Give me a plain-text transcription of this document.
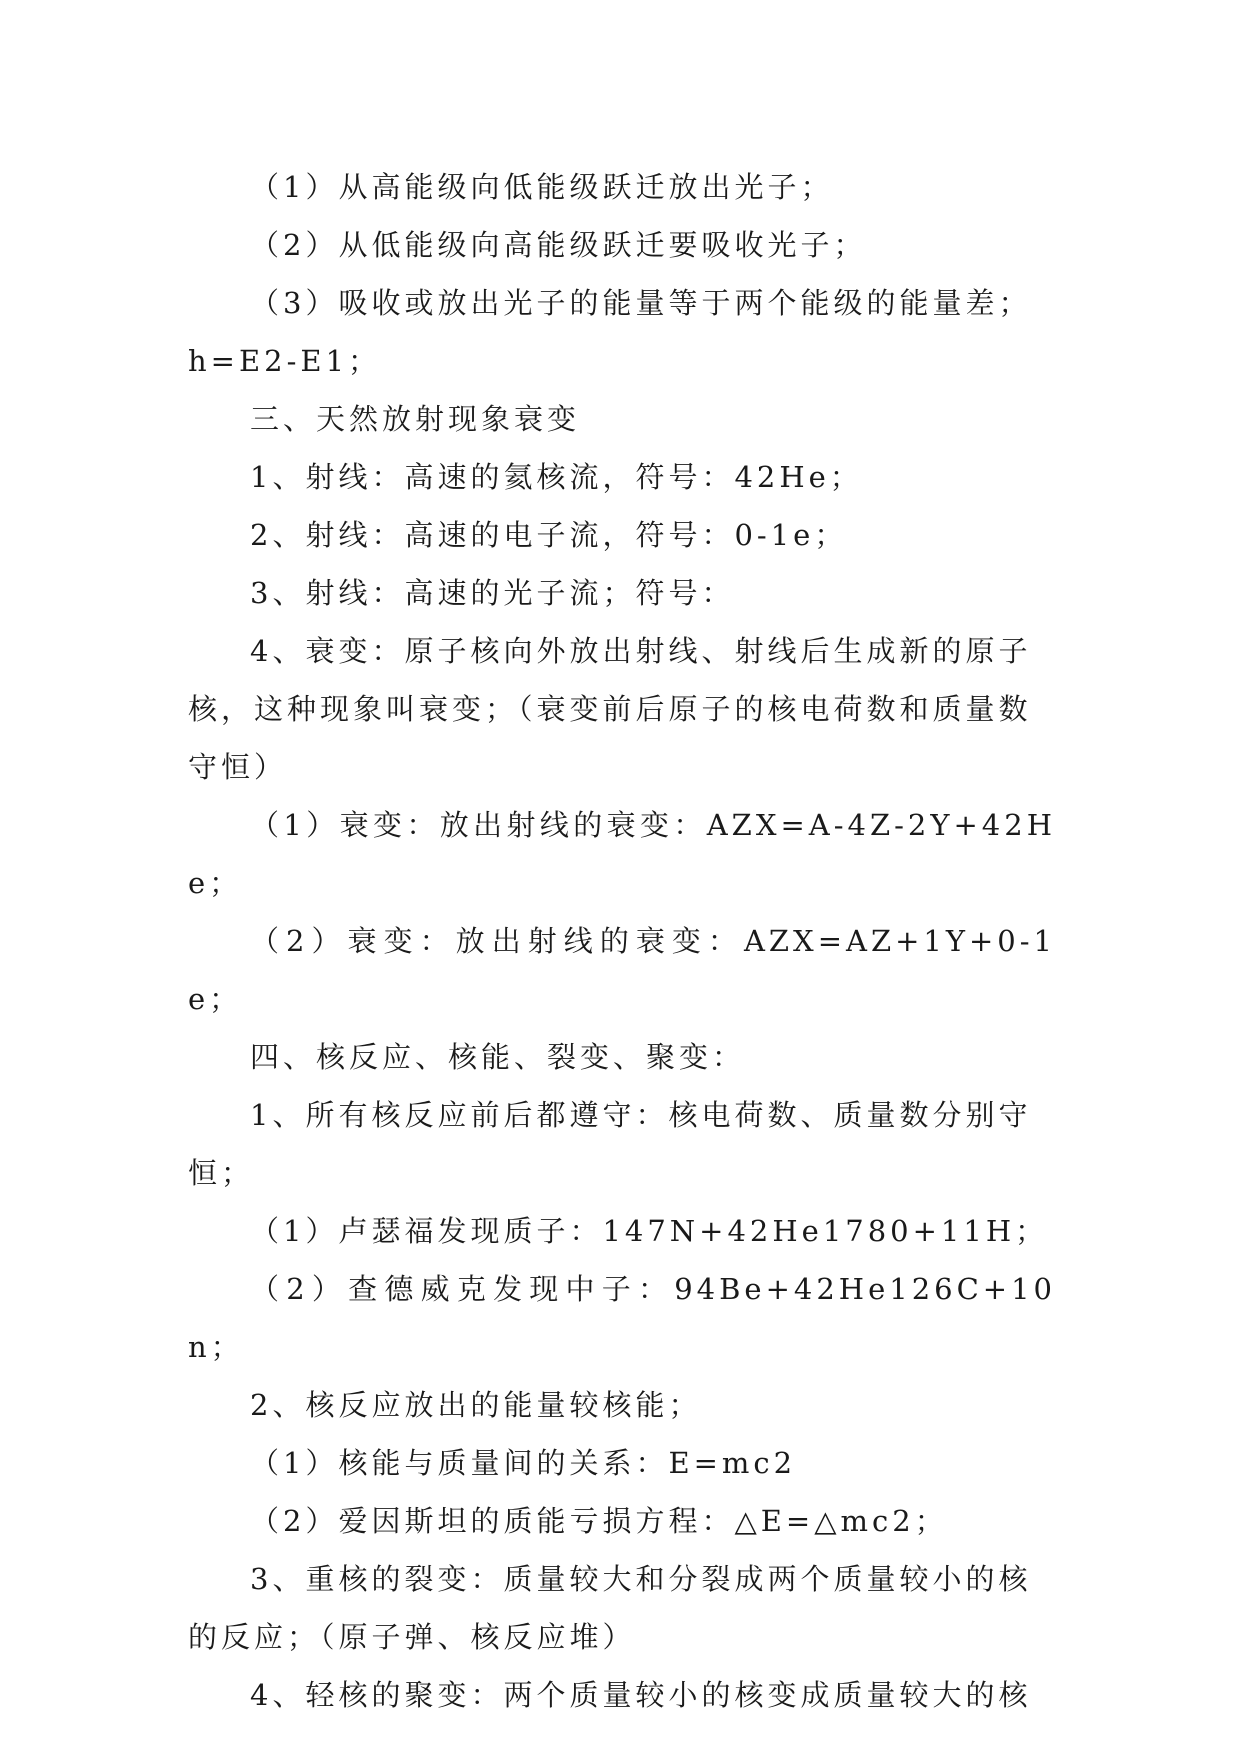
（1）从高能级向低能级跃迁放出光子；

（2）从低能级向高能级跃迁要吸收光子；

（3）吸收或放出光子的能量等于两个能级的能量差；

h=E2-E1；

三、天然放射现象衰变

1、射线：高速的氦核流，符号：42He；

2、射线：高速的电子流，符号：0-1e；

3、射线：高速的光子流；符号：

4、衰变：原子核向外放出射线、射线后生成新的原子

核，这种现象叫衰变；（衰变前后原子的核电荷数和质量数

守恒）

（1）衰变：放出射线的衰变：AZX=A-4Z-2Y+42He；

（2）衰变：放出射线的衰变：AZX=AZ+1Y+0-1e；

四、核反应、核能、裂变、聚变：

1、所有核反应前后都遵守：核电荷数、质量数分别守

恒；

（1）卢瑟福发现质子：147N+42He1780+11H；

（2）查德威克发现中子：94Be+42He126C+10n；

2、核反应放出的能量较核能；

（1）核能与质量间的关系：E=mc2

（2）爱因斯坦的质能亏损方程：△E=△mc2；

3、重核的裂变：质量较大和分裂成两个质量较小的核

的反应；（原子弹、核反应堆）

4、轻核的聚变：两个质量较小的核变成质量较大的核
